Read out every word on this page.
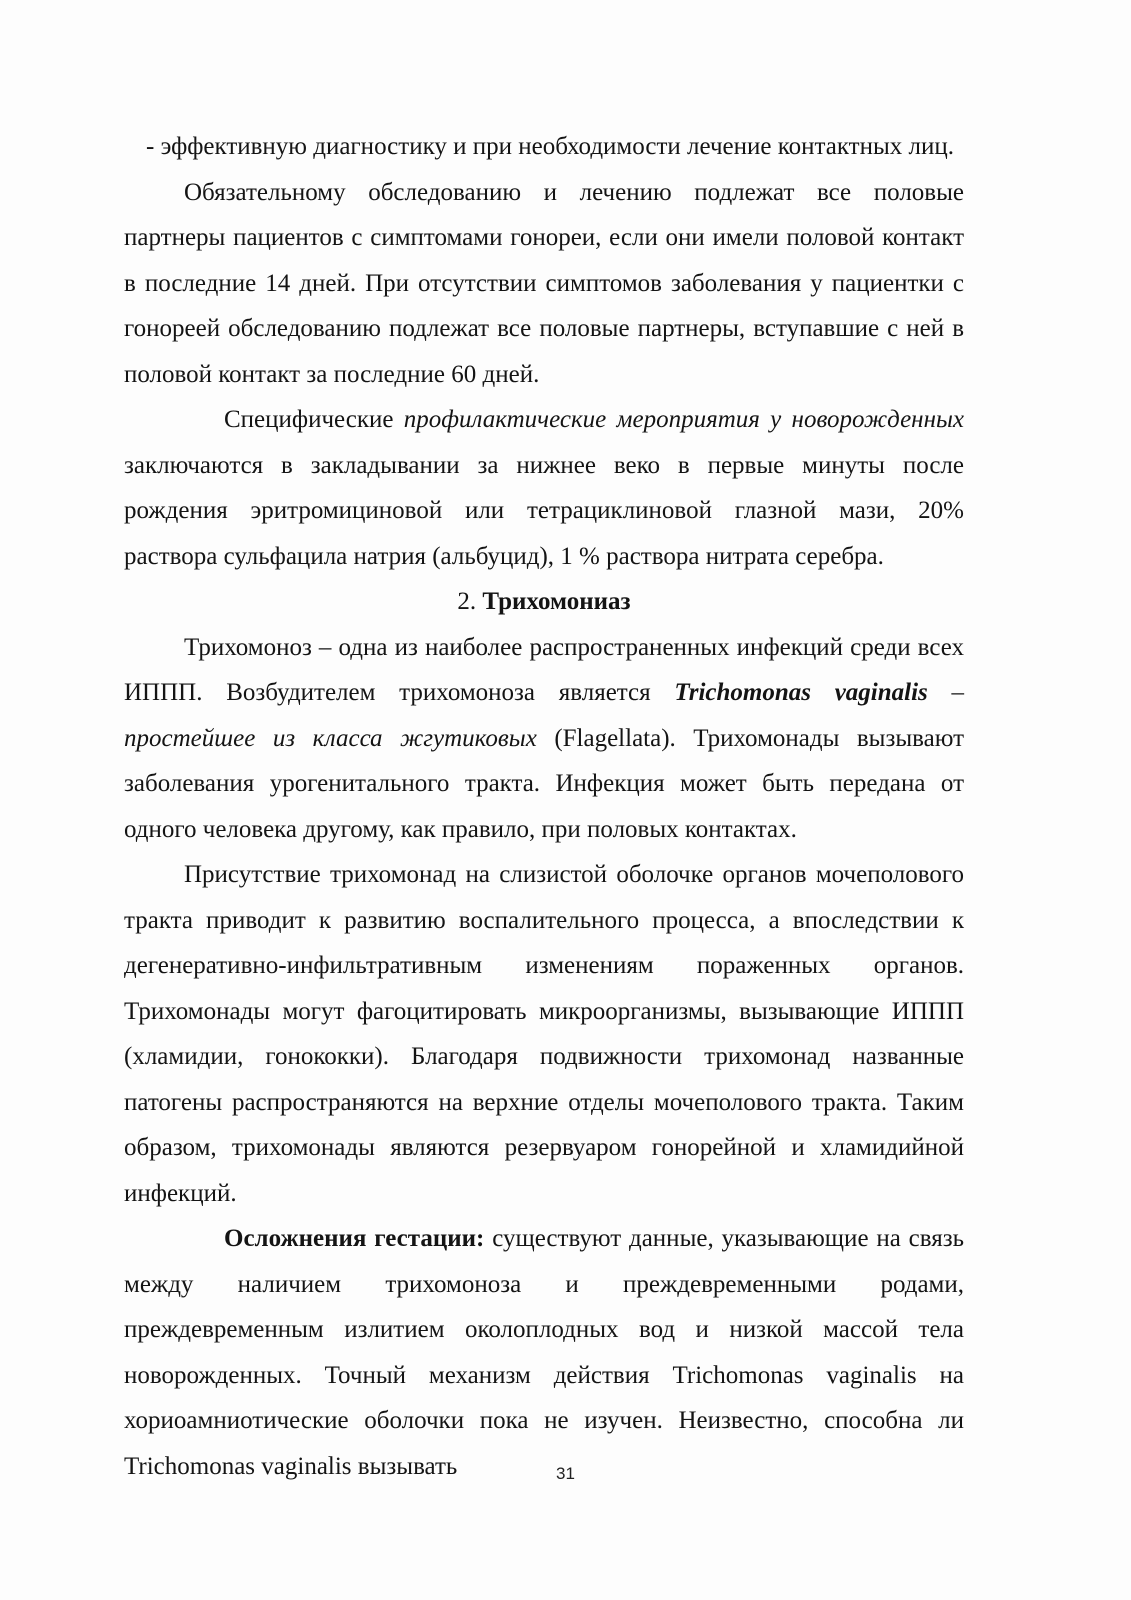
- эффективную диагностику и при необходимости лечение контактных лиц.

Обязательному обследованию и лечению подлежат все половые партнеры пациентов с симптомами гонореи, если они имели половой контакт в последние 14 дней. При отсутствии симптомов заболевания у пациентки с гонореей обследованию подлежат все половые партнеры, вступавшие с ней в половой контакт за последние 60 дней.

Специфические профилактические мероприятия у новорожденных заключаются в закладывании за нижнее веко в первые минуты после рождения эритромициновой или тетрациклиновой глазной мази, 20% раствора сульфацила натрия (альбуцид), 1 % раствора нитрата серебра.

2. Трихомониаз

Трихомоноз – одна из наиболее распространенных инфекций среди всех ИППП. Возбудителем трихомоноза является Trichomonas vaginalis – простейшее из класса жгутиковых (Flagellata). Трихомонады вызывают заболевания урогенитального тракта. Инфекция может быть передана от одного человека другому, как правило, при половых контактах.

Присутствие трихомонад на слизистой оболочке органов мочеполового тракта приводит к развитию воспалительного процесса, а впоследствии к дегенеративно-инфильтративным изменениям пораженных органов. Трихомонады могут фагоцитировать микроорганизмы, вызывающие ИППП (хламидии, гонококки). Благодаря подвижности трихомонад названные патогены распространяются на верхние отделы мочеполового тракта. Таким образом, трихомонады являются резервуаром гонорейной и хламидийной инфекций.

Осложнения гестации: существуют данные, указывающие на связь между наличием трихомоноза и преждевременными родами, преждевременным излитием околоплодных вод и низкой массой тела новорожденных. Точный механизм действия Trichomonas vaginalis на хориоамниотические оболочки пока не изучен. Неизвестно, способна ли Trichomonas vaginalis вызывать	31
